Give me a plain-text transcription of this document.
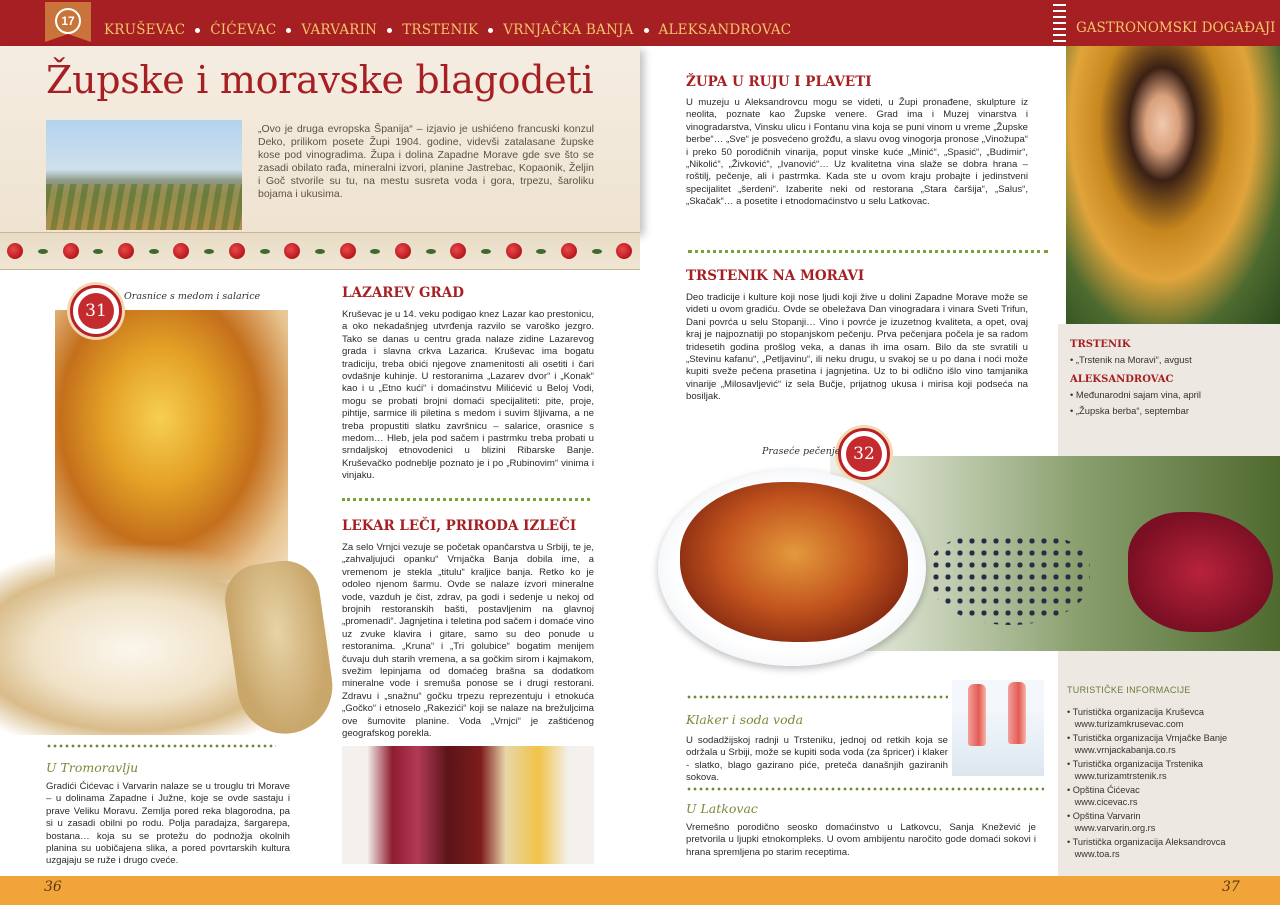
17
KRUŠEVAC ĆIĆEVAC VARVARIN TRSTENIK VRNJAČKA BANJA ALEKSANDROVAC	GASTRONOMSKI DOGAĐAJI
Župske i moravske blagodeti
„Ovo je druga evropska Španija“ – izjavio je ushićeno francuski konzul Deko, prilikom posete Župi 1904. godine, videvši zatalasane župske kose pod vinogradima. Župa i dolina Zapadne Morave gde sve što se zasadi obilato rađa, mineralni izvori, planine Jastrebac, Kopaonik, Željin i Goč stvorile su tu, na mestu susreta voda i gora, trpezu, šaroliku bojama i ukusima.
31
Orasnice s medom i salarice
U Tromoravlju
Gradići Ćićevac i Varvarin nalaze se u trouglu tri Morave – u dolinama Zapadne i Južne, koje se ovde sastaju i prave Veliku Moravu. Zemlja pored reka blagorodna, pa si u zasadi obilni po rodu. Polja paradajza, šargarepa, bostana… koja su se protežu do podnožja okolnih planina su uobičajena slika, a pored povrtarskih kultura uzgajaju se ruže i drugo cveće.
LAZAREV GRAD
Kruševac je u 14. veku podigao knez Lazar kao prestonicu, a oko nekadašnjeg utvrđenja razvilo se varoško jezgro. Tako se danas u centru grada nalaze zidine Lazarevog grada i slavna crkva Lazarica. Kruševac ima bogatu tradiciju, treba obići njegove znamenitosti ali osetiti i čari ovdašnje kuhinje. U restoranima „Lazarev dvor“ i „Konak“ kao i u „Etno kući“ i domaćinstvu Milićević u Beloj Vodi, mogu se probati brojni domaći specijaliteti: pite, proje, pihtije, sarmice ili piletina s medom i suvim šljivama, a ne treba propustiti slatku završnicu – salarice, orasnice s medom… Hleb, jela pod sačem i pastrmku treba probati u srndaljskoj etnovodenici u blizini Ribarske Banje. Kruševačko podneblje poznato je i po „Rubinovim“ vinima i vinjaku.
LEKAR LEČI, PRIRODA IZLEČI
Za selo Vrnjci vezuje se početak opančarstva u Srbiji, te je, „zahvaljujući opanku“ Vrnjačka Banja dobila ime, a vremenom je stekla „titulu“ kraljice banja. Retko ko je odoleo njenom šarmu. Ovde se nalaze izvori mineralne vode, vazduh je čist, zdrav, pa godi i sedenje u nekoj od brojnih restoranskih bašti, postavljenim na glavnoj „promenadi“. Jagnjetina i teletina pod sačem i domaće vino uz zvuke klavira i gitare, samo su deo ponude u restoranima. „Kruna“ i „Tri golubice“ bogatim menijem čuvaju duh starih vremena, a sa gočkim sirom i kajmakom, svežim lepinjama od domaćeg brašna sa dodatkom mineralne vode i sremuša ponose se i drugi restorani. Zdravu i „snažnu“ gočku trpezu reprezentuju i etnokuća „Gočko“ i etnoselo „Rakezići“ koji se nalaze na brežuljcima ove šumovite planine. Voda „Vrnjci“ je zaštićenog geografskog porekla.
ŽUPA U RUJU I PLAVETI
U muzeju u Aleksandrovcu mogu se videti, u Župi pronađene, skulpture iz neolita, poznate kao Župske venere. Grad ima i Muzej vinarstva i vinogradarstva, Vinsku ulicu i Fontanu vina koja se puni vinom u vreme „Župske berbe“… „Sve“ je posvećeno grožđu, a slavu ovog vinogorja pronose „Vinožupa“ i preko 50 porodičnih vinarija, poput vinske kuće „Minić“, „Spasić“, „Budimir“, „Nikolić“, „Živković“, „Ivanović“… Uz kvalitetna vina slaže se dobra hrana – roštilj, pečenje, ali i pastrmka. Kada ste u ovom kraju probajte i jedinstveni specijalitet „šerdeni“. Izaberite neki od restorana „Stara čaršija“, „Salus“, „Skačak“… a posetite i etnodomaćinstvo u selu Latkovac.
TRSTENIK NA MORAVI
Deo tradicije i kulture koji nose ljudi koji žive u dolini Zapadne Morave može se videti u ovom gradiću. Ovde se obeležava Dan vinogradara i vinara Sveti Trifun, Dani povrća u selu Stopanji… Vino i povrće je izuzetnog kvaliteta, a opet, ovaj kraj je najpoznatiji po stopanjskom pečenju. Prva pečenjara počela je sa radom tridesetih godina prošlog veka, a danas ih ima osam. Bilo da ste svratili u „Stevinu kafanu“, „Petljavinu“, ili neku drugu, u svakoj se u po dana i noći može kupiti sveže pečena prasetina i jagnjetina. Uz to bi odlično išlo vino tamjanika vinarije „Milosavljević“ iz sela Bučje, prijatnog ukusa i mirisa koji podseća na bosiljak.
TRSTENIK
• „Trstenik na Moravi“, avgust
ALEKSANDROVAC
• Međunarodni sajam vina, april
• „Župska berba“, septembar
32
Praseće pečenje
Klaker i soda voda
U sodadžijskoj radnji u Trsteniku, jednoj od retkih koja se održala u Srbiji, može se kupiti soda voda (za špricer) i klaker - slatko, blago gazirano piće, preteča današnjih gaziranih sokova.
U Latkovac
Vremešno porodično seosko domaćinstvo u Latkovcu, Sanja Knežević je pretvorila u ljupki etnokompleks. U ovom ambijentu naročito gode domaći sokovi i hrana spremljena po starim receptima.
TURISTIČKE INFORMACIJE
• Turistička organizacija Kruševca
www.turizamkrusevac.com
• Turistička organizacija Vrnjačke Banje
www.vrnjackabanja.co.rs
• Turistička organizacija Trstenika
www.turizamtrstenik.rs
• Opština Ćićevac
www.cicevac.rs
• Opština Varvarin
www.varvarin.org.rs
• Turistička organizacija Aleksandrovca
www.toa.rs
36	37
